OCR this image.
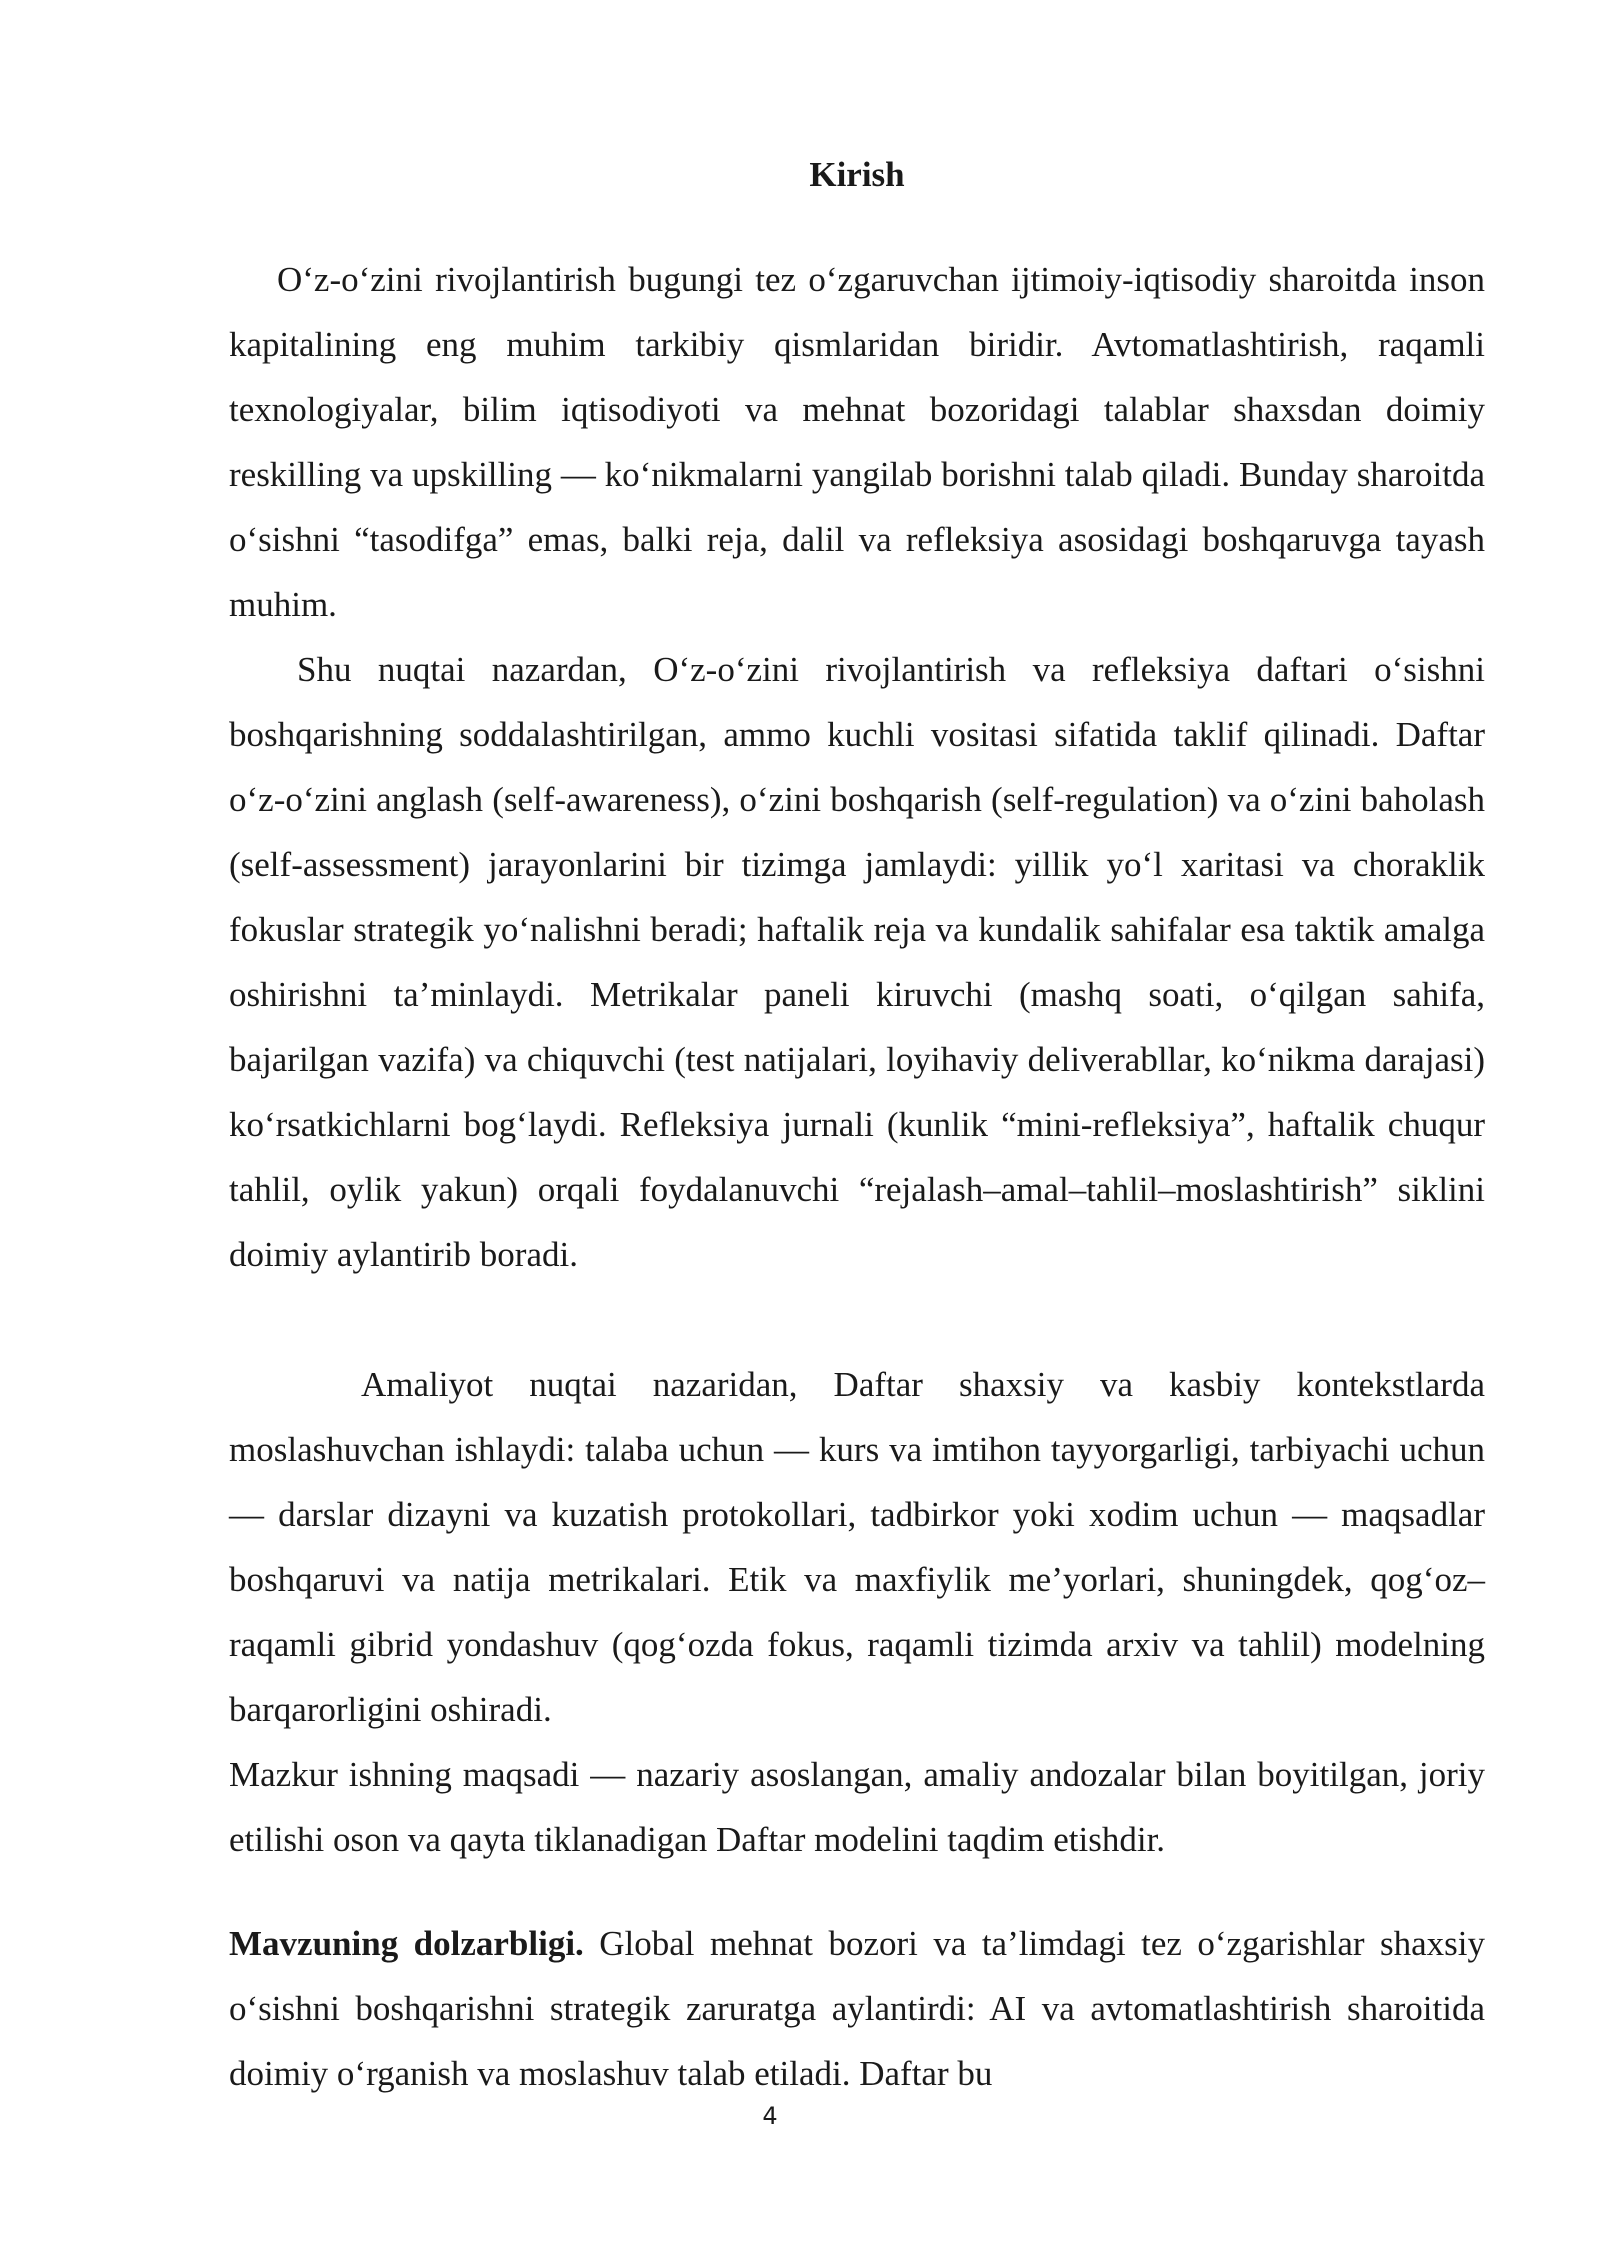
Kirish

O‘z-o‘zini rivojlantirish bugungi tez o‘zgaruvchan ijtimoiy-iqtisodiy sharoitda inson kapitalining eng muhim tarkibiy qismlaridan biridir. Avtomatlashtirish, raqamli texnologiyalar, bilim iqtisodiyoti va mehnat bozoridagi talablar shaxsdan doimiy reskilling va upskilling — ko‘nikmalarni yangilab borishni talab qiladi. Bunday sharoitda o‘sishni “tasodifga” emas, balki reja, dalil va refleksiya asosidagi boshqaruvga tayash muhim.

Shu nuqtai nazardan, O‘z-o‘zini rivojlantirish va refleksiya daftari o‘sishni boshqarishning soddalashtirilgan, ammo kuchli vositasi sifatida taklif qilinadi. Daftar o‘z-o‘zini anglash (self-awareness), o‘zini boshqarish (self-regulation) va o‘zini baholash (self-assessment) jarayonlarini bir tizimga jamlaydi: yillik yo‘l xaritasi va choraklik fokuslar strategik yo‘nalishni beradi; haftalik reja va kundalik sahifalar esa taktik amalga oshirishni ta’minlaydi. Metrikalar paneli kiruvchi (mashq soati, o‘qilgan sahifa, bajarilgan vazifa) va chiquvchi (test natijalari, loyihaviy deliverabllar, ko‘nikma darajasi) ko‘rsatkichlarni bog‘laydi. Refleksiya jurnali (kunlik “mini-refleksiya”, haftalik chuqur tahlil, oylik yakun) orqali foydalanuvchi “rejalash–amal–tahlil–moslashtirish” siklini doimiy aylantirib boradi.

Amaliyot nuqtai nazaridan, Daftar shaxsiy va kasbiy kontekstlarda moslashuvchan ishlaydi: talaba uchun — kurs va imtihon tayyorgarligi, tarbiyachi uchun — darslar dizayni va kuzatish protokollari, tadbirkor yoki xodim uchun — maqsadlar boshqaruvi va natija metrikalari. Etik va maxfiylik me’yorlari, shuningdek, qog‘oz–raqamli gibrid yondashuv (qog‘ozda fokus, raqamli tizimda arxiv va tahlil) modelning barqarorligini oshiradi.

Mazkur ishning maqsadi — nazariy asoslangan, amaliy andozalar bilan boyitilgan, joriy etilishi oson va qayta tiklanadigan Daftar modelini taqdim etishdir.

Mavzuning dolzarbligi. Global mehnat bozori va ta’limdagi tez o‘zgarishlar shaxsiy o‘sishni boshqarishni strategik zaruratga aylantirdi: AI va avtomatlashtirish sharoitida doimiy o‘rganish va moslashuv talab etiladi. Daftar bu

4
